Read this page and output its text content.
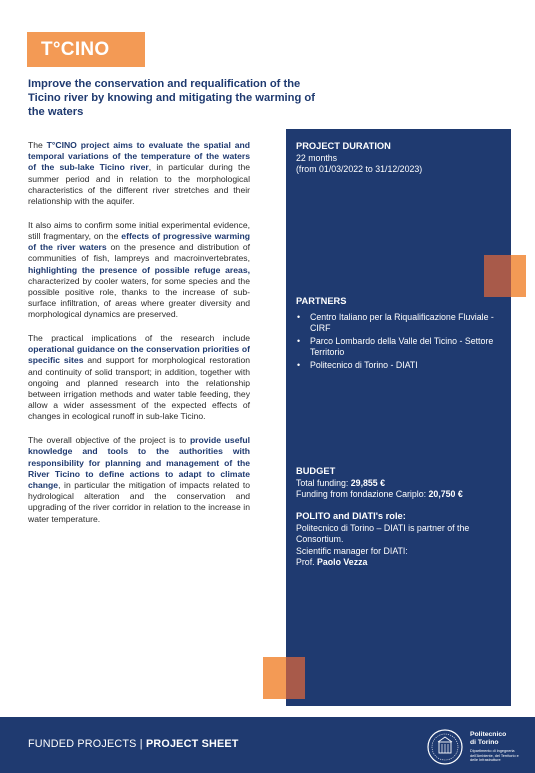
T°CINO
Improve the conservation and requalification of the Ticino river by knowing and mitigating the warming of the waters

The T°CINO project aims to evaluate the spatial and temporal variations of the temperature of the waters of the sub-lake Ticino river, in particular during the summer period and in relation to the morphological characteristics of the different river stretches and their relationship with the aquifer.

It also aims to confirm some initial experimental evidence, still fragmentary, on the effects of progressive warming of the river waters on the presence and distribution of communities of fish, lampreys and macroinvertebrates, highlighting the presence of possible refuge areas, characterized by cooler waters, for some species and the possible positive role, thanks to the increase of sub-surface infiltration, of areas where greater diversity and morphological dynamics are preserved.

The practical implications of the research include operational guidance on the conservation priorities of specific sites and support for morphological restoration and continuity of solid transport; in addition, together with ongoing and planned research into the relationship between irrigation methods and water table feeding, they allow a wider assessment of the expected effects of changes in ecological runoff in sub-lake Ticino.

The overall objective of the project is to provide useful knowledge and tools to the authorities with responsibility for planning and management of the River Ticino to define actions to adapt to climate change, in particular the mitigation of impacts related to hydrological alteration and the conservation and upgrading of the river corridor in relation to the increase in water temperature.

PROJECT DURATION
22 months
(from 01/03/2022 to 31/12/2023)
PARTNERS
• Centro Italiano per la Riqualificazione Fluviale - CIRF
• Parco Lombardo della Valle del Ticino - Settore Territorio
• Politecnico di Torino - DIATI
BUDGET
Total funding: 29,855 €
Funding from fondazione Cariplo: 20,750 €
POLITO and DIATI's role:
Politecnico di Torino – DIATI is partner of the Consortium.
Scientific manager for DIATI:
Prof. Paolo Vezza
FUNDED PROJECTS | PROJECT SHEET
Politecnico
di Torino
Dipartimento di Ingegneria dell'Ambiente, del Territorio e delle Infrastrutture
